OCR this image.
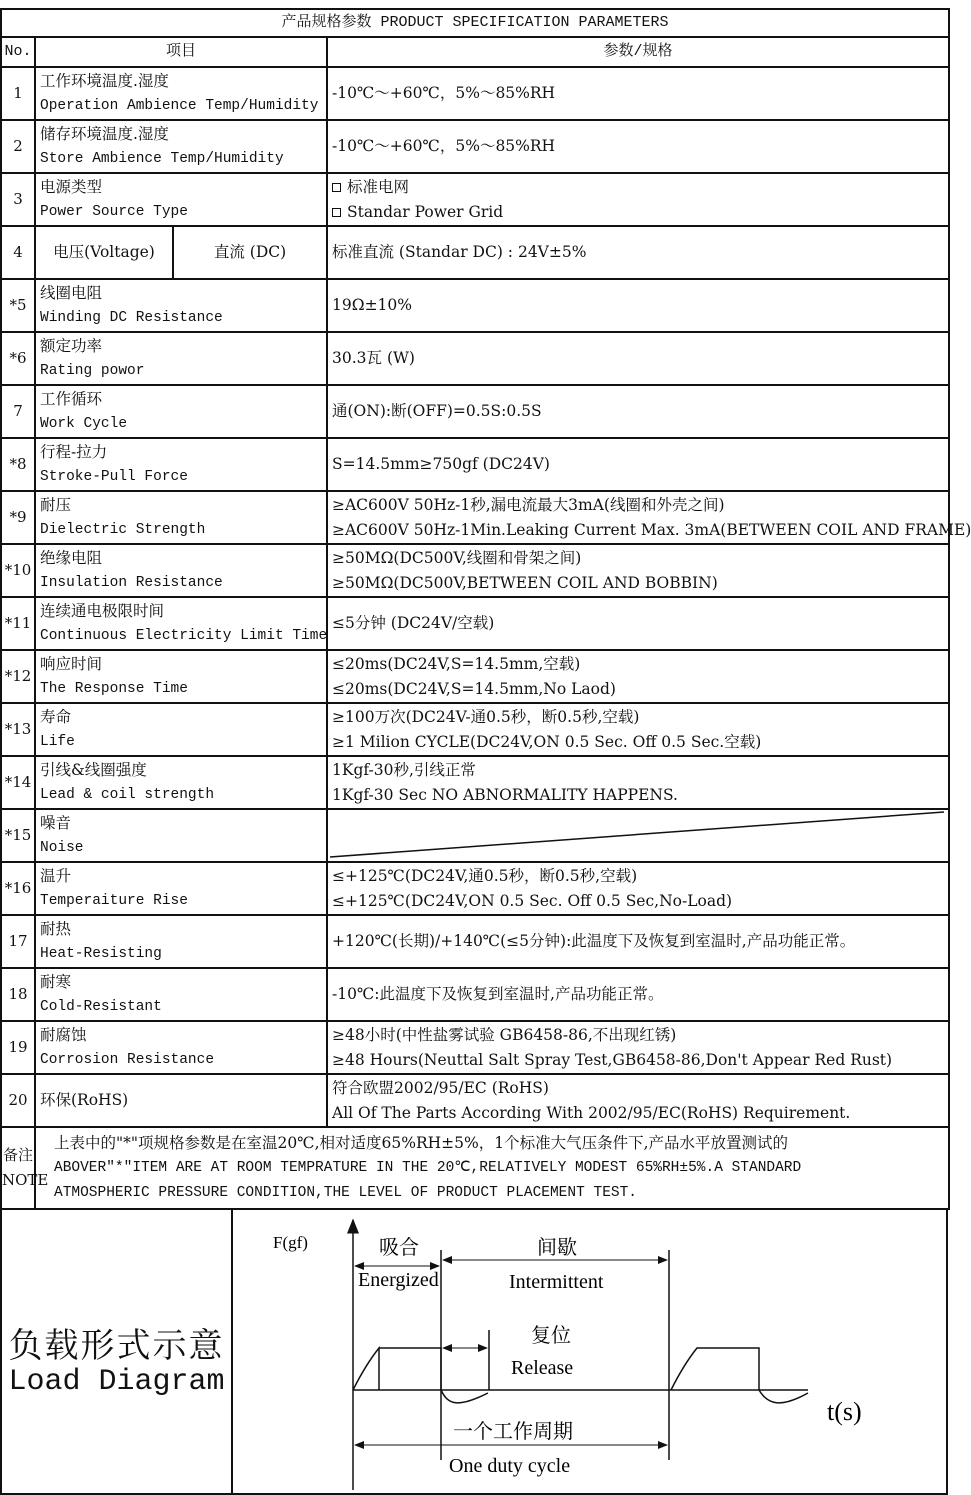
产品规格参数 PRODUCT SPECIFICATION PARAMETERS			
No.	项目		参数/规格
1	工作环境温度.湿度
Operation Ambience Temp/Humidity		-10℃～+60℃，5%～85%RH

2	储存环境温度.湿度
Store Ambience Temp/Humidity		-10℃～+60℃，5%～85%RH

3	电源类型
Power Source Type		标准电网
Standar Power Grid

4	电压(Voltage)	直流 (DC)	标准直流 (Standar DC) : 24V±5%

*5	线圈电阻
Winding DC Resistance		19Ω±10%

*6	额定功率
Rating powor		30.3瓦 (W)

7	工作循环
Work Cycle		通(ON):断(OFF)=0.5S:0.5S

*8	行程-拉力
Stroke-Pull Force		S=14.5mm≥750gf (DC24V)

*9	耐压
Dielectric Strength		≥AC600V 50Hz-1秒,漏电流最大3mA(线圈和外壳之间)
≥AC600V 50Hz-1Min.Leaking Current Max. 3mA(BETWEEN COIL AND FRAME)

*10	绝缘电阻
Insulation Resistance		≥50MΩ(DC500V,线圈和骨架之间)
≥50MΩ(DC500V,BETWEEN COIL AND BOBBIN)

*11	连续通电极限时间
Continuous Electricity Limit Time		≤5分钟 (DC24V/空载)

*12	响应时间
The Response Time		≤20ms(DC24V,S=14.5mm,空载)
≤20ms(DC24V,S=14.5mm,No Laod)

*13	寿命
Life		≥100万次(DC24V-通0.5秒，断0.5秒,空载)
≥1 Milion CYCLE(DC24V,ON 0.5 Sec. Off 0.5 Sec.空载)

*14	引线&线圈强度
Lead & coil strength		1Kgf-30秒,引线正常
1Kgf-30 Sec NO ABNORMALITY HAPPENS.

*15	噪音
Noise

*16	温升
Temperaiture Rise		≤+125℃(DC24V,通0.5秒，断0.5秒,空载)
≤+125℃(DC24V,ON 0.5 Sec. Off 0.5 Sec,No-Load)

17	耐热
Heat-Resisting		+120℃(长期)/+140℃(≤5分钟):此温度下及恢复到室温时,产品功能正常。

18	耐寒
Cold-Resistant		-10℃:此温度下及恢复到室温时,产品功能正常。

19	耐腐蚀
Corrosion Resistance		≥48小时(中性盐雾试验 GB6458-86,不出现红锈)
≥48 Hours(Neuttal Salt Spray Test,GB6458-86,Don't Appear Red Rust)

20	环保(RoHS)		符合欧盟2002/95/EC (RoHS)
All Of The Parts According With 2002/95/EC(RoHS) Requirement.

备注
NOTE	上表中的"*"项规格参数是在室温20℃,相对适度65%RH±5%，1个标准大气压条件下,产品水平放置测试的
ABOVER"*"ITEM ARE AT ROOM TEMPRATURE IN THE 20℃,RELATIVELY MODEST 65%RH±5%.A STANDARD
ATMOSPHERIC PRESSURE CONDITION,THE LEVEL OF PRODUCT PLACEMENT TEST.		
负载形式示意
Load Diagram
F(gf)
t(s)
吸合
Energized
间歇
Intermittent
复位
Release
一个工作周期
One duty cycle
